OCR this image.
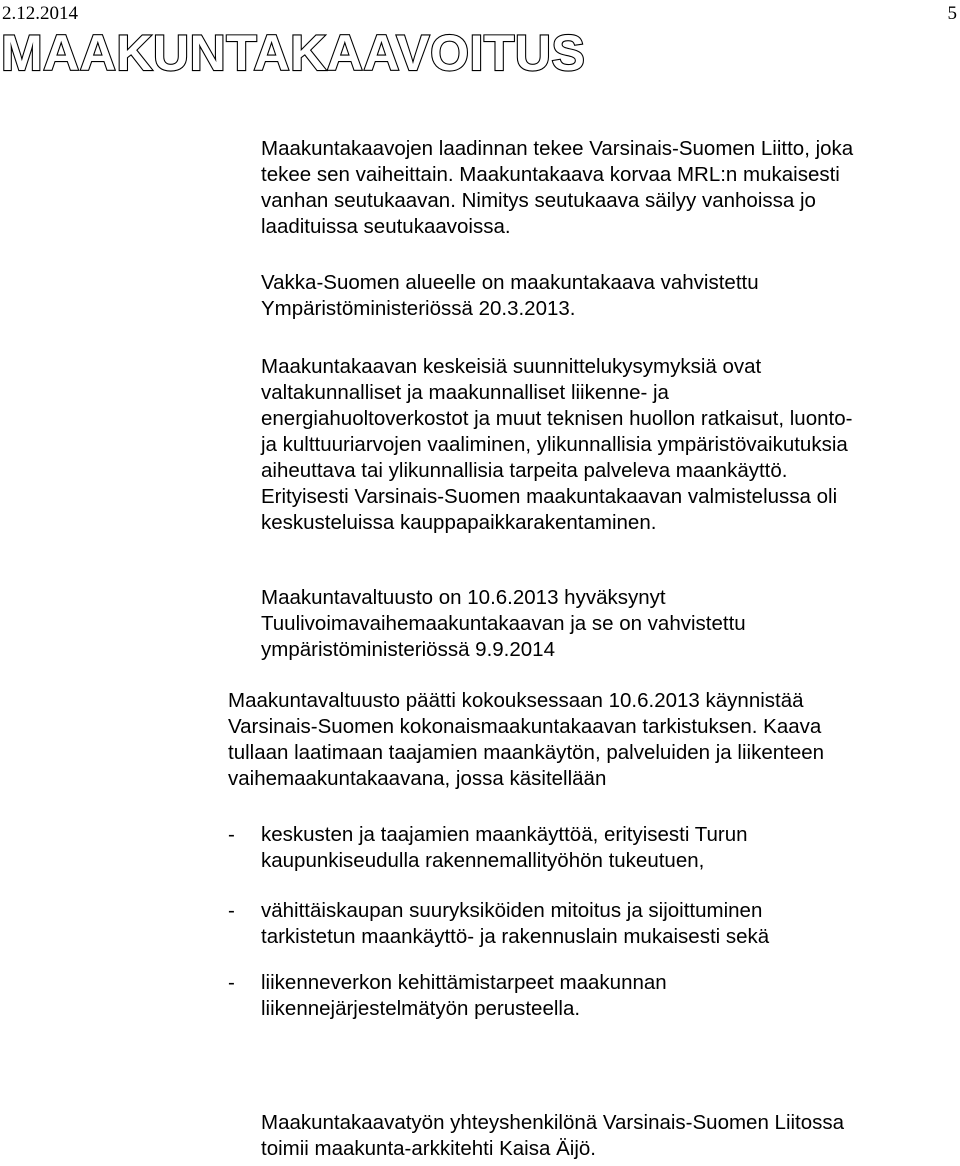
2.12.2014	5
MAAKUNTAKAAVOITUS
Maakuntakaavojen laadinnan tekee Varsinais-Suomen Liitto, joka
tekee sen vaiheittain. Maakuntakaava korvaa MRL:n mukaisesti
vanhan seutukaavan. Nimitys seutukaava säilyy vanhoissa jo
laadituissa seutukaavoissa.
Vakka-Suomen alueelle on maakuntakaava vahvistettu
Ympäristöministeriössä 20.3.2013.
Maakuntakaavan keskeisiä suunnittelukysymyksiä ovat
valtakunnalliset ja maakunnalliset liikenne- ja
energiahuoltoverkostot ja muut teknisen huollon ratkaisut, luonto-
ja kulttuuriarvojen vaaliminen, ylikunnallisia ympäristövaikutuksia
aiheuttava tai ylikunnallisia tarpeita palveleva maankäyttö.
Erityisesti Varsinais-Suomen maakuntakaavan valmistelussa oli
keskusteluissa kauppapaikkarakentaminen.
Maakuntavaltuusto on 10.6.2013 hyväksynyt
Tuulivoimavaihemaakuntakaavan ja se on vahvistettu
ympäristöministeriössä 9.9.2014
Maakuntavaltuusto päätti kokouksessaan 10.6.2013 käynnistää
Varsinais-Suomen kokonaismaakuntakaavan tarkistuksen. Kaava
tullaan laatimaan taajamien maankäytön, palveluiden ja liikenteen
vaihemaakuntakaavana, jossa käsitellään
- keskusten ja taajamien maankäyttöä, erityisesti Turun
kaupunkiseudulla rakennemallityöhön tukeutuen,
- vähittäiskaupan suuryksiköiden mitoitus ja sijoittuminen
tarkistetun maankäyttö- ja rakennuslain mukaisesti sekä
- liikenneverkon kehittämistarpeet maakunnan
liikennejärjestelmätyön perusteella.
Maakuntakaavatyön yhteyshenkilönä Varsinais-Suomen Liitossa
toimii maakunta-arkkitehti Kaisa Äijö.
